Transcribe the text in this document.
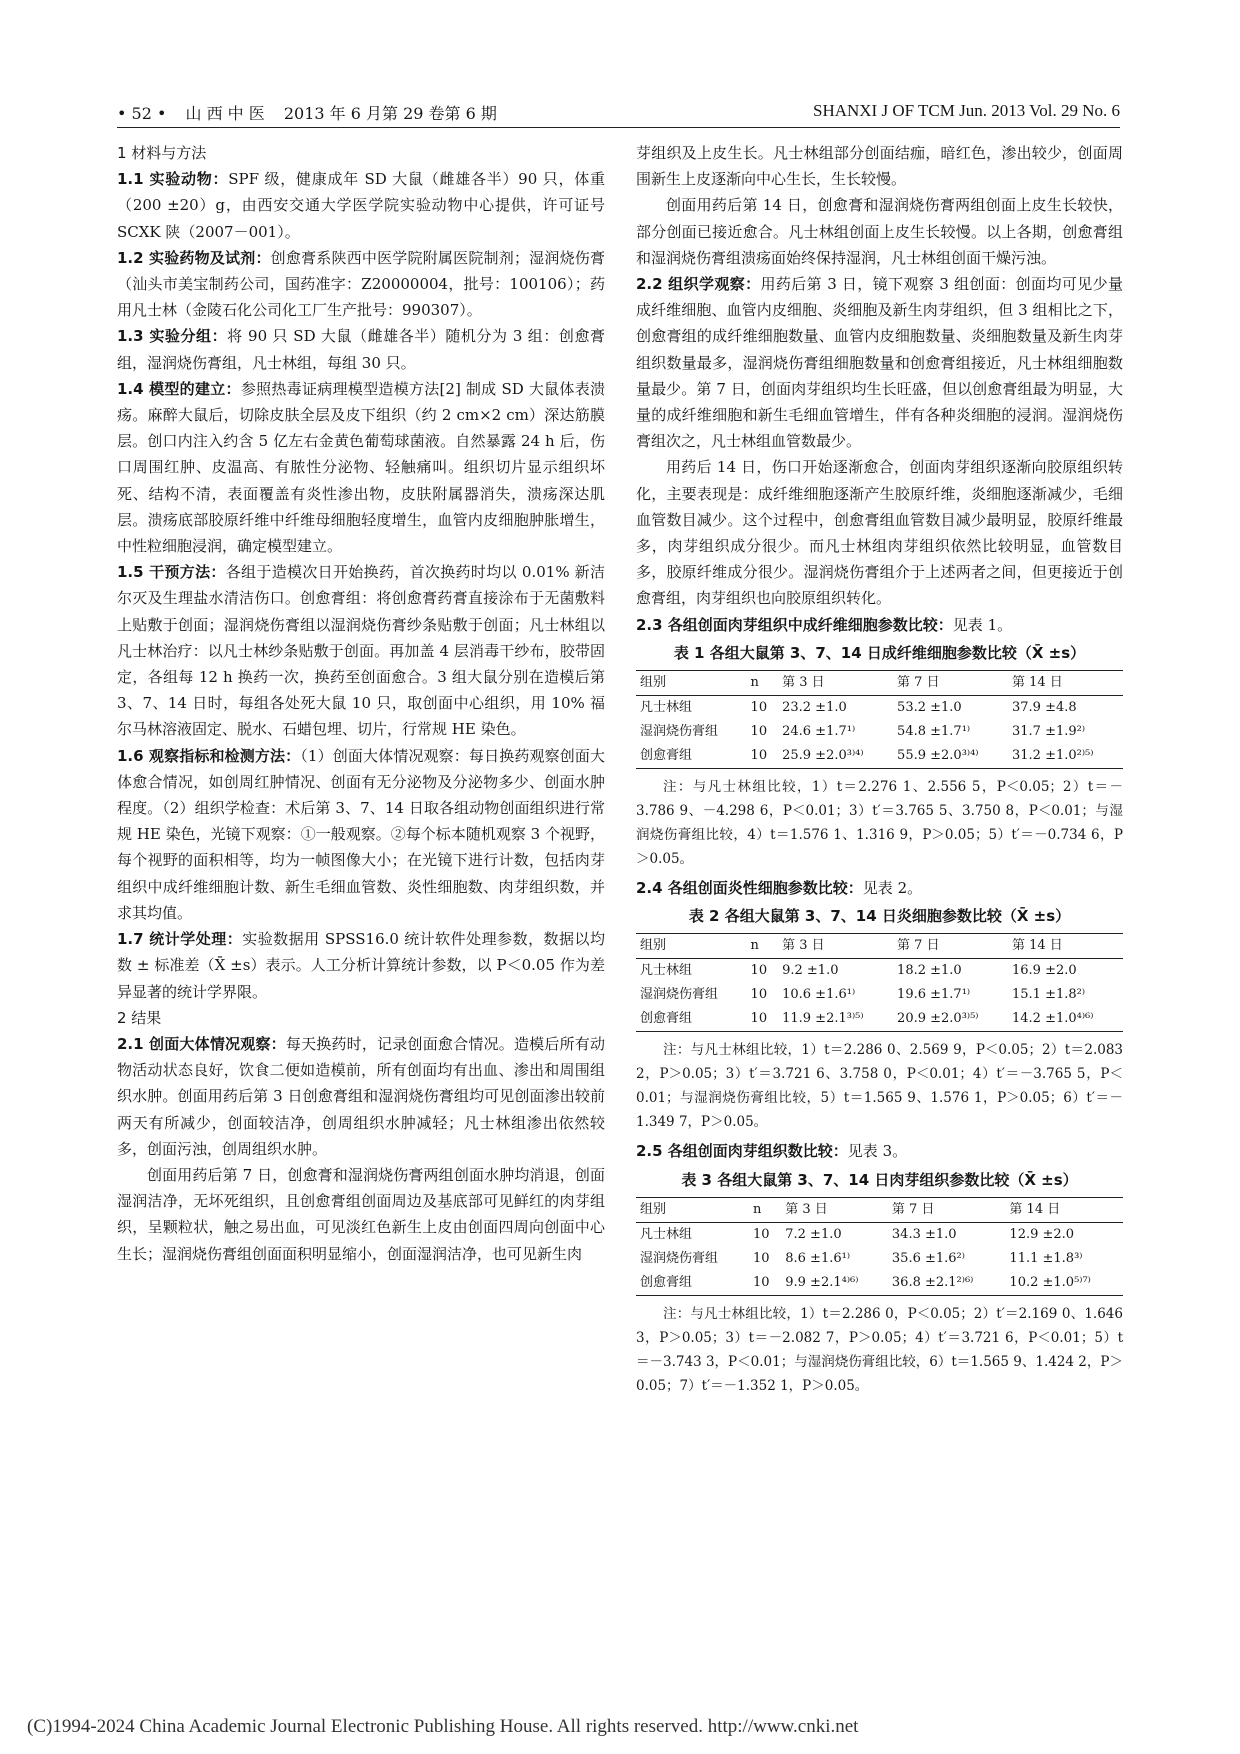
• 52 • 山 西 中 医 2013 年 6 月第 29 卷第 6 期	SHANXI J OF TCM Jun. 2013 Vol. 29 No. 6

1 材料与方法

1.1 实验动物：SPF 级，健康成年 SD 大鼠（雌雄各半）90 只，体重（200 ±20）g，由西安交通大学医学院实验动物中心提供，许可证号 SCXK 陕（2007－001）。

1.2 实验药物及试剂：创愈膏系陕西中医学院附属医院制剂；湿润烧伤膏（汕头市美宝制药公司，国药准字：Z20000004，批号：100106）；药用凡士林（金陵石化公司化工厂生产批号：990307）。

1.3 实验分组：将 90 只 SD 大鼠（雌雄各半）随机分为 3 组：创愈膏组，湿润烧伤膏组，凡士林组，每组 30 只。

1.4 模型的建立：参照热毒证病理模型造模方法[2] 制成 SD 大鼠体表溃疡。麻醉大鼠后，切除皮肤全层及皮下组织（约 2 cm×2 cm）深达筋膜层。创口内注入约含 5 亿左右金黄色葡萄球菌液。自然暴露 24 h 后，伤口周围红肿、皮温高、有脓性分泌物、轻触痛叫。组织切片显示组织坏死、结构不清，表面覆盖有炎性渗出物，皮肤附属器消失，溃疡深达肌层。溃疡底部胶原纤维中纤维母细胞轻度增生，血管内皮细胞肿胀增生，中性粒细胞浸润，确定模型建立。

1.5 干预方法：各组于造模次日开始换药，首次换药时均以 0.01% 新洁尔灭及生理盐水清洁伤口。创愈膏组：将创愈膏药膏直接涂布于无菌敷料上贴敷于创面；湿润烧伤膏组以湿润烧伤膏纱条贴敷于创面；凡士林组以凡士林治疗：以凡士林纱条贴敷于创面。再加盖 4 层消毒干纱布，胶带固定，各组每 12 h 换药一次，换药至创面愈合。3 组大鼠分别在造模后第 3、7、14 日时，每组各处死大鼠 10 只，取创面中心组织，用 10% 福尔马林溶液固定、脱水、石蜡包埋、切片，行常规 HE 染色。

1.6 观察指标和检测方法：（1）创面大体情况观察：每日换药观察创面大体愈合情况，如创周红肿情况、创面有无分泌物及分泌物多少、创面水肿程度。（2）组织学检查：术后第 3、7、14 日取各组动物创面组织进行常规 HE 染色，光镜下观察：①一般观察。②每个标本随机观察 3 个视野，每个视野的面积相等，均为一帧图像大小；在光镜下进行计数，包括肉芽组织中成纤维细胞计数、新生毛细血管数、炎性细胞数、肉芽组织数，并求其均值。

1.7 统计学处理：实验数据用 SPSS16.0 统计软件处理参数，数据以均数 ± 标准差（X̄ ±s）表示。人工分析计算统计参数，以 P＜0.05 作为差异显著的统计学界限。

2 结果

2.1 创面大体情况观察：每天换药时，记录创面愈合情况。造模后所有动物活动状态良好，饮食二便如造模前，所有创面均有出血、渗出和周围组织水肿。创面用药后第 3 日创愈膏组和湿润烧伤膏组均可见创面渗出较前两天有所减少，创面较洁净，创周组织水肿减轻；凡士林组渗出依然较多，创面污浊，创周组织水肿。

创面用药后第 7 日，创愈膏和湿润烧伤膏两组创面水肿均消退，创面湿润洁净，无坏死组织，且创愈膏组创面周边及基底部可见鲜红的肉芽组织，呈颗粒状，触之易出血，可见淡红色新生上皮由创面四周向创面中心生长；湿润烧伤膏组创面面积明显缩小，创面湿润洁净，也可见新生肉

芽组织及上皮生长。凡士林组部分创面结痂，暗红色，渗出较少，创面周围新生上皮逐渐向中心生长，生长较慢。

创面用药后第 14 日，创愈膏和湿润烧伤膏两组创面上皮生长较快，部分创面已接近愈合。凡士林组创面上皮生长较慢。以上各期，创愈膏组和湿润烧伤膏组溃疡面始终保持湿润，凡士林组创面干燥污浊。

2.2 组织学观察：用药后第 3 日，镜下观察 3 组创面：创面均可见少量成纤维细胞、血管内皮细胞、炎细胞及新生肉芽组织，但 3 组相比之下，创愈膏组的成纤维细胞数量、血管内皮细胞数量、炎细胞数量及新生肉芽组织数量最多，湿润烧伤膏组细胞数量和创愈膏组接近，凡士林组细胞数量最少。第 7 日，创面肉芽组织均生长旺盛，但以创愈膏组最为明显，大量的成纤维细胞和新生毛细血管增生，伴有各种炎细胞的浸润。湿润烧伤膏组次之，凡士林组血管数最少。

用药后 14 日，伤口开始逐渐愈合，创面肉芽组织逐渐向胶原组织转化，主要表现是：成纤维细胞逐渐产生胶原纤维，炎细胞逐渐减少，毛细血管数目减少。这个过程中，创愈膏组血管数目减少最明显，胶原纤维最多，肉芽组织成分很少。而凡士林组肉芽组织依然比较明显，血管数目多，胶原纤维成分很少。湿润烧伤膏组介于上述两者之间，但更接近于创愈膏组，肉芽组织也向胶原组织转化。

2.3 各组创面肉芽组织中成纤维细胞参数比较：见表 1。

表 1 各组大鼠第 3、7、14 日成纤维细胞参数比较（X̄ ±s）

组别	n	第 3 日	第 7 日	第 14 日
凡士林组	10	23.2 ±1.0	53.2 ±1.0	37.9 ±4.8
湿润烧伤膏组	10	24.6 ±1.7¹⁾	54.8 ±1.7¹⁾	31.7 ±1.9²⁾
创愈膏组	10	25.9 ±2.0³⁾⁴⁾	55.9 ±2.0³⁾⁴⁾	31.2 ±1.0²⁾⁵⁾

注：与凡士林组比较，1）t＝2.276 1、2.556 5，P＜0.05；2）t＝－3.786 9、－4.298 6，P＜0.01；3）t′＝3.765 5、3.750 8，P＜0.01；与湿润烧伤膏组比较，4）t＝1.576 1、1.316 9，P＞0.05；5）t′＝－0.734 6，P＞0.05。

2.4 各组创面炎性细胞参数比较：见表 2。

表 2 各组大鼠第 3、7、14 日炎细胞参数比较（X̄ ±s）

组别	n	第 3 日	第 7 日	第 14 日
凡士林组	10	9.2 ±1.0	18.2 ±1.0	16.9 ±2.0
湿润烧伤膏组	10	10.6 ±1.6¹⁾	19.6 ±1.7¹⁾	15.1 ±1.8²⁾
创愈膏组	10	11.9 ±2.1³⁾⁵⁾	20.9 ±2.0³⁾⁵⁾	14.2 ±1.0⁴⁾⁶⁾

注：与凡士林组比较，1）t＝2.286 0、2.569 9，P＜0.05；2）t＝2.083 2，P＞0.05；3）t′＝3.721 6、3.758 0，P＜0.01；4）t′＝－3.765 5，P＜0.01；与湿润烧伤膏组比较，5）t＝1.565 9、1.576 1，P＞0.05；6）t′＝－1.349 7，P＞0.05。

2.5 各组创面肉芽组织数比较：见表 3。

表 3 各组大鼠第 3、7、14 日肉芽组织参数比较（X̄ ±s）

组别	n	第 3 日	第 7 日	第 14 日
凡士林组	10	7.2 ±1.0	34.3 ±1.0	12.9 ±2.0
湿润烧伤膏组	10	8.6 ±1.6¹⁾	35.6 ±1.6²⁾	11.1 ±1.8³⁾
创愈膏组	10	9.9 ±2.1⁴⁾⁶⁾	36.8 ±2.1²⁾⁶⁾	10.2 ±1.0⁵⁾⁷⁾

注：与凡士林组比较，1）t＝2.286 0，P＜0.05；2）t′＝2.169 0、1.646 3，P＞0.05；3）t＝－2.082 7，P＞0.05；4）t′＝3.721 6，P＜0.01；5）t＝－3.743 3，P＜0.01；与湿润烧伤膏组比较，6）t＝1.565 9、1.424 2，P＞0.05；7）t′＝－1.352 1，P＞0.05。

(C)1994-2024 China Academic Journal Electronic Publishing House. All rights reserved. http://www.cnki.net
